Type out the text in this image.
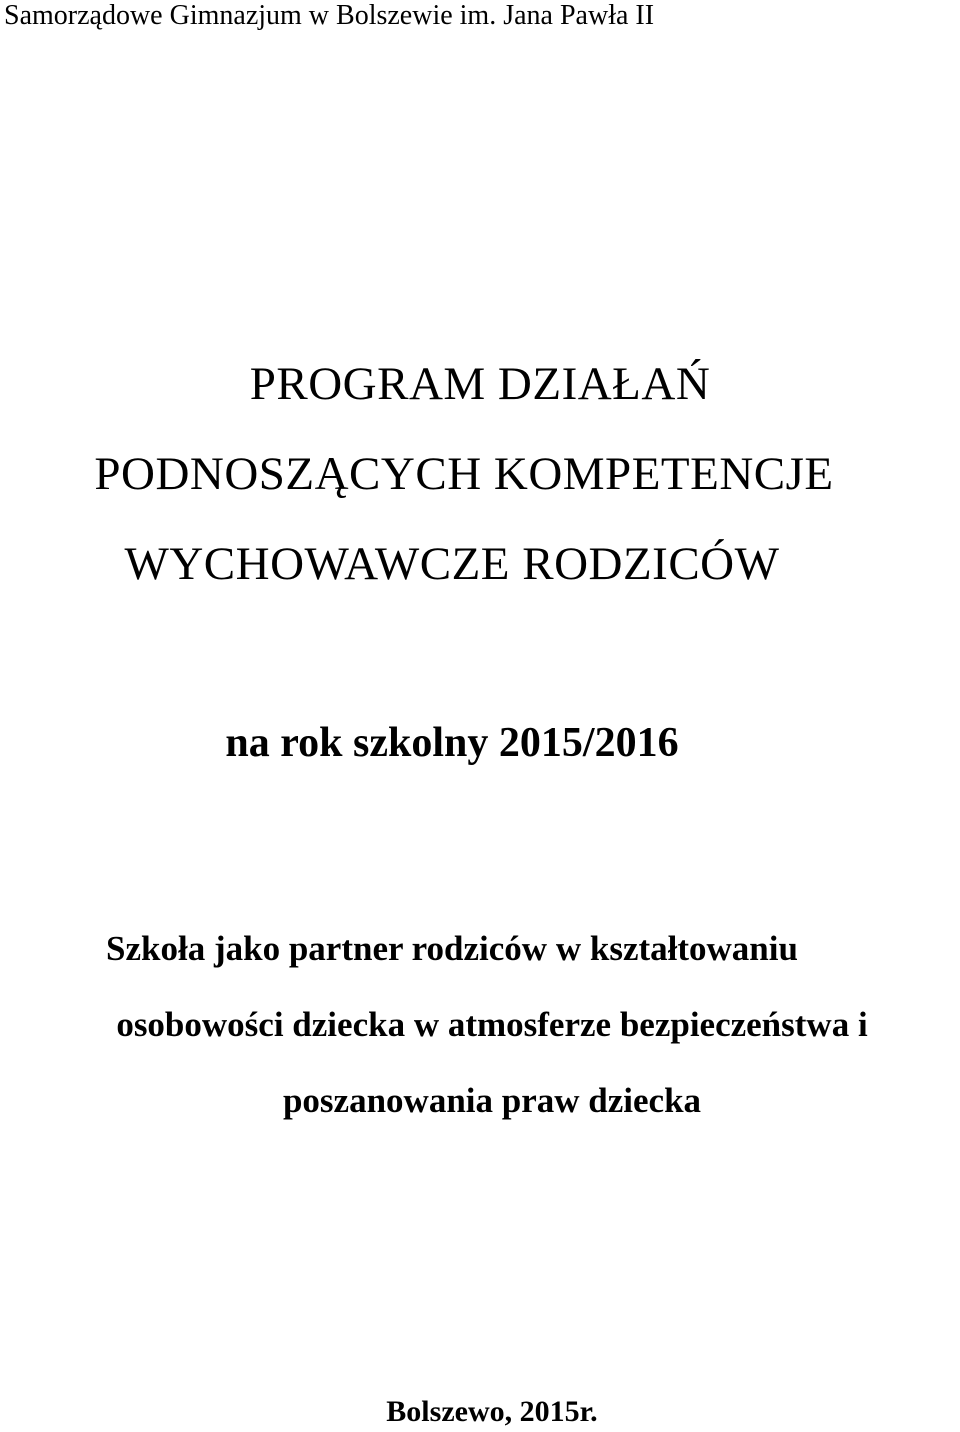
Samorządowe Gimnazjum w Bolszewie im. Jana Pawła II

PROGRAM DZIAŁAŃ
PODNOSZĄCYCH KOMPETENCJE
WYCHOWAWCZE RODZICÓW

na rok szkolny 2015/2016

Szkoła jako partner rodziców w kształtowaniu

osobowości dziecka w atmosferze bezpieczeństwa i

poszanowania praw dziecka

Bolszewo, 2015r.
